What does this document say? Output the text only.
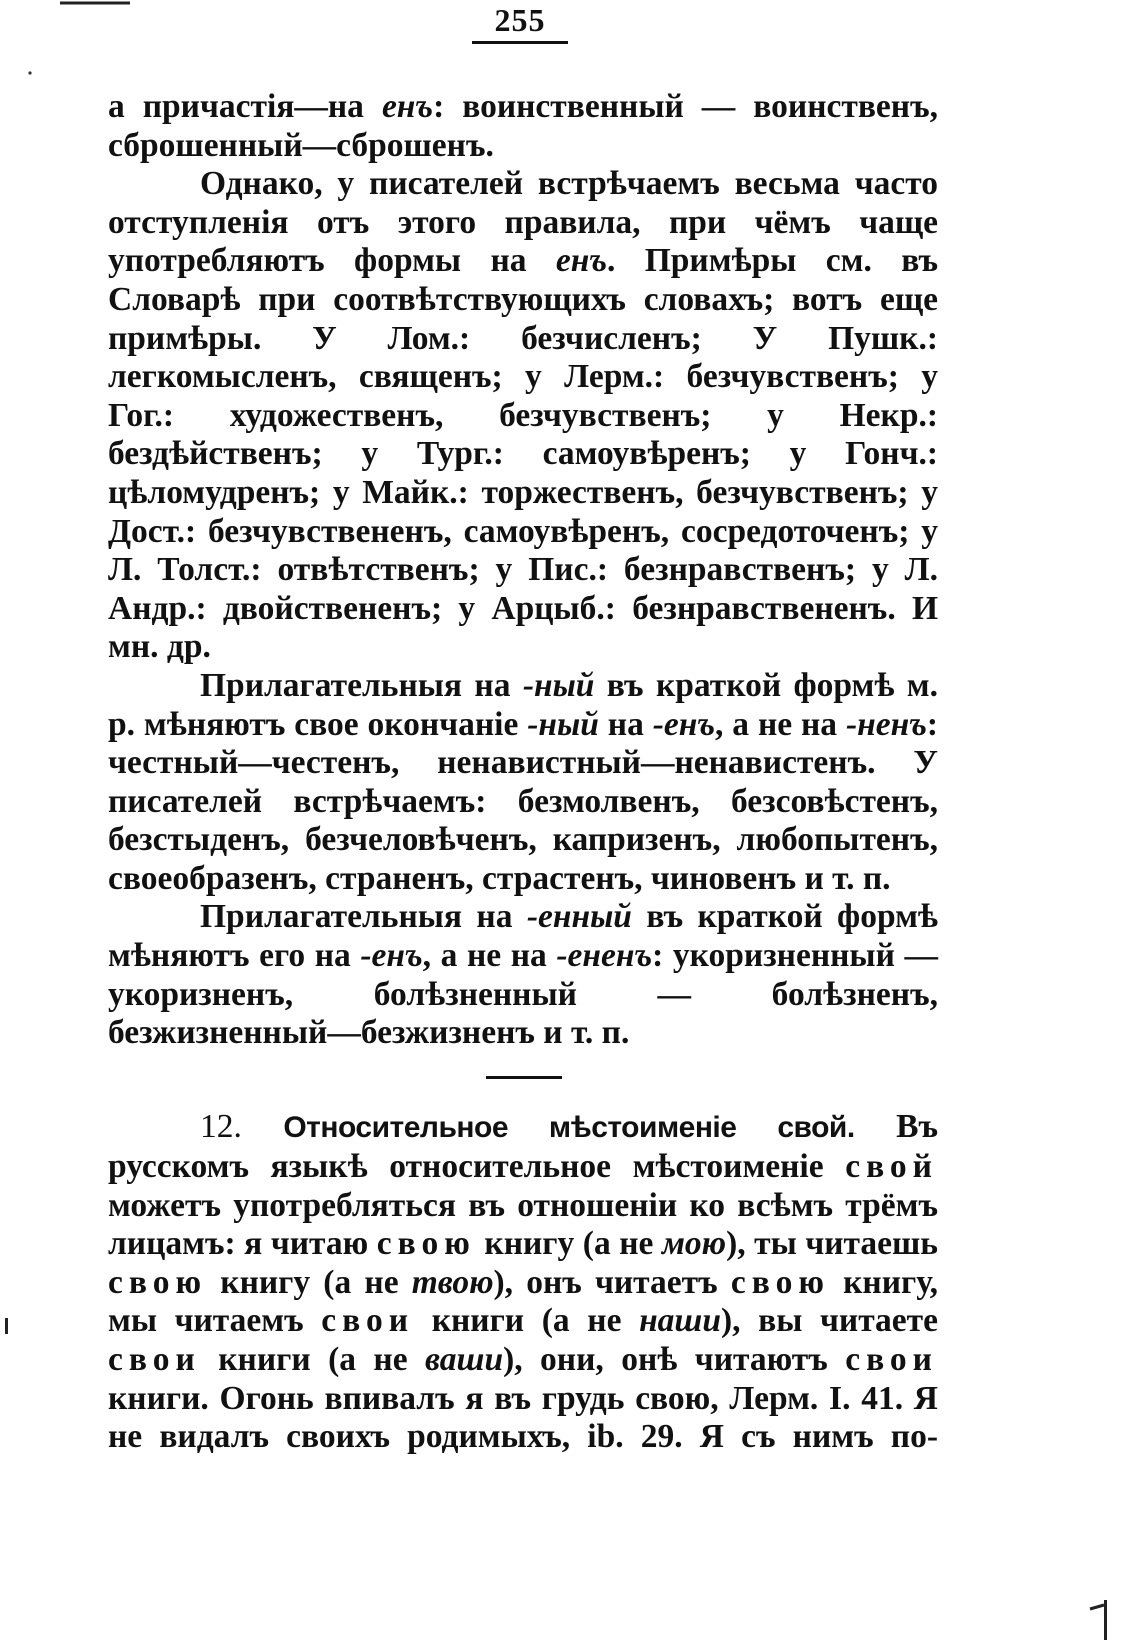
255

а причастія—на енъ: воинственный — воинственъ, сброшенный—сброшенъ.

Однако, у писателей встрѣчаемъ весьма часто отступленія отъ этого правила, при чёмъ чаще употребляютъ формы на енъ. Примѣры см. въ Словарѣ при соотвѣтствующихъ словахъ; вотъ еще примѣры. У Лом.: безчисленъ; У Пушк.: легкомысленъ, священъ; у Лерм.: безчувственъ; у Гог.: художественъ, безчувственъ; у Некр.: бездѣйственъ; у Тург.: самоувѣренъ; у Гонч.: цѣломудренъ; у Майк.: торжественъ, безчувственъ; у Дост.: безчувствененъ, самоувѣренъ, сосредоточенъ; у Л. Толст.: отвѣтственъ; у Пис.: безнравственъ; у Л. Андр.: двойствененъ; у Арцыб.: безнравствененъ. И мн. др.

Прилагательныя на -ный въ краткой формѣ м. р. мѣняютъ свое окончаніе -ный на -енъ, а не на -ненъ: честный—честенъ, ненавистный—ненавистенъ. У писателей встрѣчаемъ: безмолвенъ, безсовѣстенъ, безстыденъ, безчеловѣченъ, капризенъ, любопытенъ, своеобразенъ, страненъ, страстенъ, чиновенъ и т. п.

Прилагательныя на -енный въ краткой формѣ мѣняютъ его на -енъ, а не на -ененъ: укоризненный — укоризненъ, болѣзненный — болѣзненъ, безжизненный—безжизненъ и т. п.

12. Относительное мѣстоименіе свой. Въ русскомъ языкѣ относительное мѣстоименіе свой можетъ употребляться въ отношеніи ко всѣмъ трёмъ лицамъ: я читаю свою книгу (а не мою), ты читаешь свою книгу (а не твою), онъ читаетъ свою книгу, мы читаемъ свои книги (а не наши), вы читаете свои книги (а не ваши), они, онѣ читаютъ свои книги. Огонь впивалъ я въ грудь свою, Лерм. I. 41. Я не видалъ своихъ родимыхъ, ib. 29. Я съ нимъ по-
